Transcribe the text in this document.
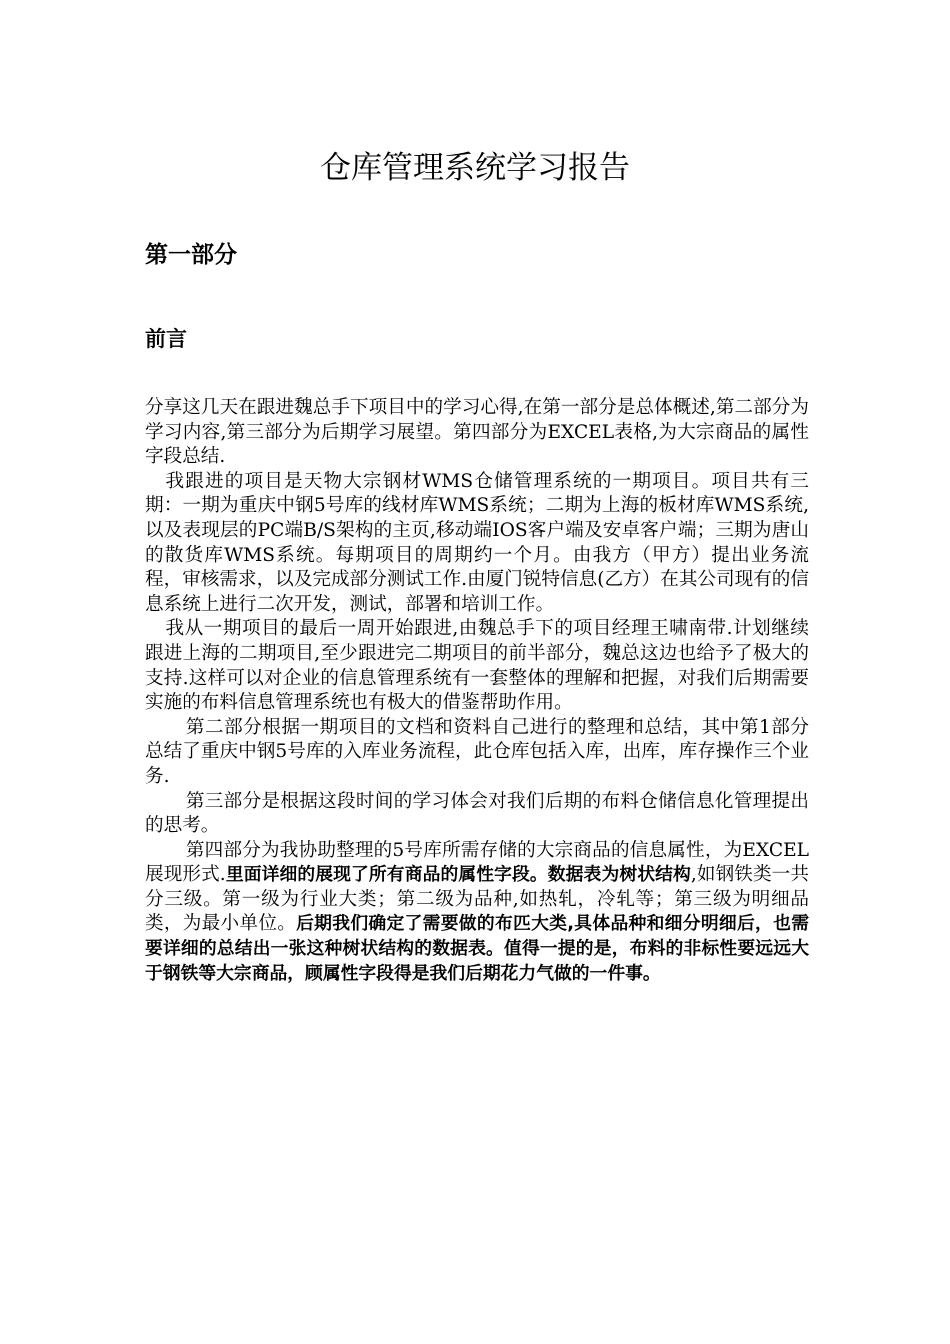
仓库管理系统学习报告
第一部分
前言

分享这几天在跟进魏总手下项目中的学习心得,在第一部分是总体概述,第二部分为学习内容,第三部分为后期学习展望。第四部分为EXCEL表格,为大宗商品的属性字段总结.

我跟进的项目是天物大宗钢材WMS仓储管理系统的一期项目。项目共有三期：一期为重庆中钢5号库的线材库WMS系统；二期为上海的板材库WMS系统,以及表现层的PC端B/S架构的主页,移动端IOS客户端及安卓客户端；三期为唐山的散货库WMS系统。每期项目的周期约一个月。由我方（甲方）提出业务流程，审核需求，以及完成部分测试工作.由厦门锐特信息(乙方）在其公司现有的信息系统上进行二次开发，测试，部署和培训工作。

我从一期项目的最后一周开始跟进,由魏总手下的项目经理王啸南带.计划继续跟进上海的二期项目,至少跟进完二期项目的前半部分，魏总这边也给予了极大的支持.这样可以对企业的信息管理系统有一套整体的理解和把握，对我们后期需要实施的布料信息管理系统也有极大的借鉴帮助作用。

第二部分根据一期项目的文档和资料自己进行的整理和总结，其中第1部分总结了重庆中钢5号库的入库业务流程，此仓库包括入库，出库，库存操作三个业务.

第三部分是根据这段时间的学习体会对我们后期的布料仓储信息化管理提出的思考。

第四部分为我协助整理的5号库所需存储的大宗商品的信息属性，为EXCEL展现形式.里面详细的展现了所有商品的属性字段。数据表为树状结构,如钢铁类一共分三级。第一级为行业大类；第二级为品种,如热轧，冷轧等；第三级为明细品类，为最小单位。后期我们确定了需要做的布匹大类,具体品种和细分明细后，也需要详细的总结出一张这种树状结构的数据表。值得一提的是，布料的非标性要远远大于钢铁等大宗商品，顾属性字段得是我们后期花力气做的一件事。
